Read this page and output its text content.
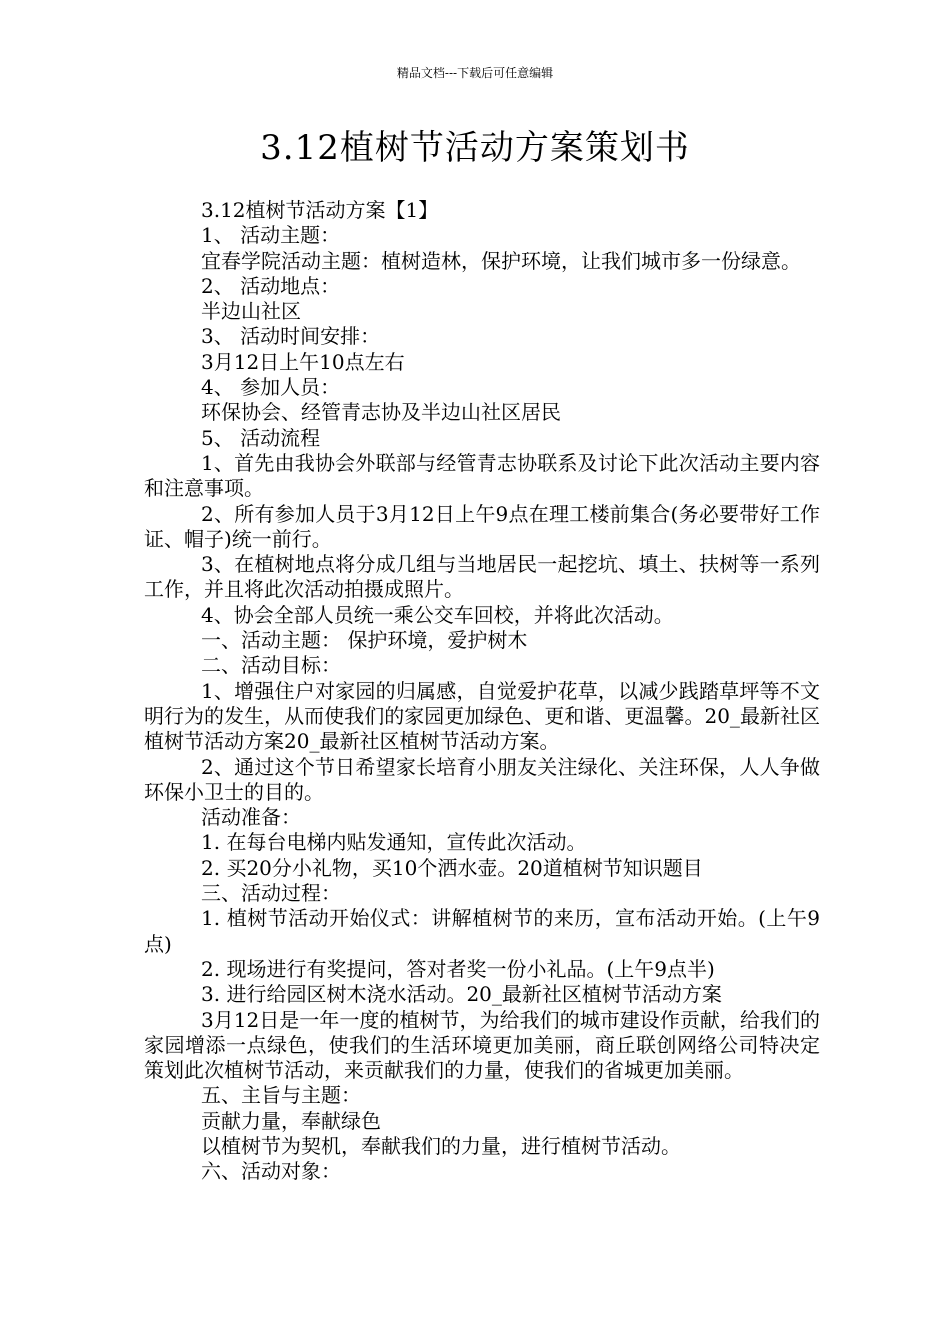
精品文档---下载后可任意编辑
3.12植树节活动方案策划书

3.12植树节活动方案【1】

1、 活动主题：

宜春学院活动主题：植树造林，保护环境，让我们城市多一份绿意。

2、 活动地点：

半边山社区

3、 活动时间安排：

3月12日上午10点左右

4、 参加人员：

环保协会、经管青志协及半边山社区居民

5、 活动流程

1、首先由我协会外联部与经管青志协联系及讨论下此次活动主要内容和注意事项。

2、所有参加人员于3月12日上午9点在理工楼前集合(务必要带好工作证、帽子)统一前行。

3、在植树地点将分成几组与当地居民一起挖坑、填土、扶树等一系列工作，并且将此次活动拍摄成照片。

4、协会全部人员统一乘公交车回校，并将此次活动。

一、活动主题： 保护环境，爱护树木

二、活动目标：

1、增强住户对家园的归属感，自觉爱护花草，以减少践踏草坪等不文明行为的发生，从而使我们的家园更加绿色、更和谐、更温馨。20_最新社区植树节活动方案20_最新社区植树节活动方案。

2、通过这个节日希望家长培育小朋友关注绿化、关注环保，人人争做环保小卫士的目的。

活动准备：

1. 在每台电梯内贴发通知，宣传此次活动。

2. 买20分小礼物，买10个洒水壶。20道植树节知识题目

三、活动过程：

1. 植树节活动开始仪式：讲解植树节的来历，宣布活动开始。(上午9点)

2. 现场进行有奖提问，答对者奖一份小礼品。(上午9点半)

3. 进行给园区树木浇水活动。20_最新社区植树节活动方案

3月12日是一年一度的植树节，为给我们的城市建设作贡献，给我们的家园增添一点绿色，使我们的生活环境更加美丽，商丘联创网络公司特决定策划此次植树节活动，来贡献我们的力量，使我们的省城更加美丽。

五、主旨与主题：

贡献力量，奉献绿色

以植树节为契机，奉献我们的力量，进行植树节活动。

六、活动对象：
